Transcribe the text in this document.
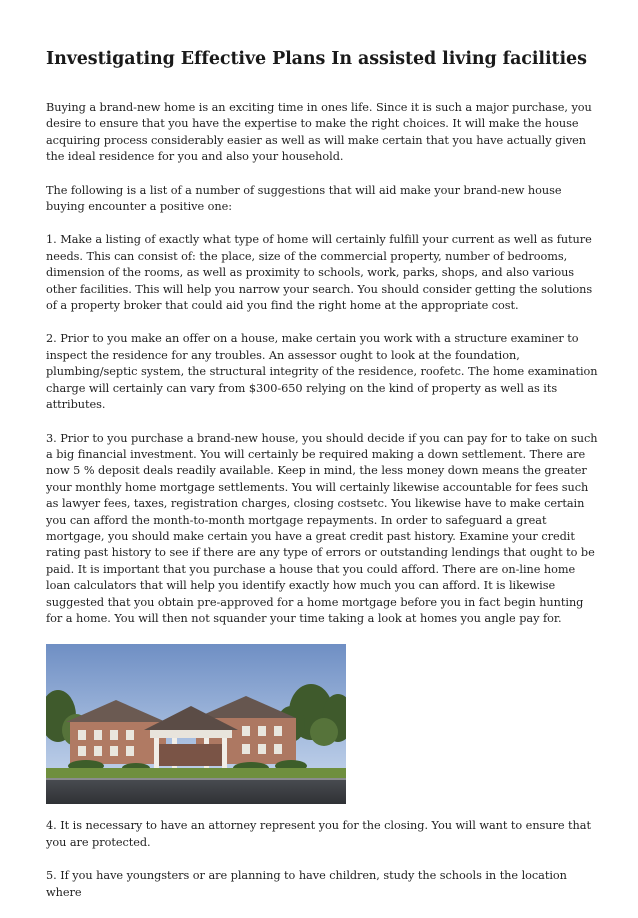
Investigating Effective Plans In assisted living facilities

Buying a brand-new home is an exciting time in ones life. Since it is such a major purchase, you desire to ensure that you have the expertise to make the right choices. It will make the house acquiring process considerably easier as well as will make certain that you have actually given the ideal residence for you and also your household.

The following is a list of a number of suggestions that will aid make your brand-new house buying encounter a positive one:

1. Make a listing of exactly what type of home will certainly fulfill your current as well as future needs. This can consist of: the place, size of the commercial property, number of bedrooms, dimension of the rooms, as well as proximity to schools, work, parks, shops, and also various other facilities. This will help you narrow your search. You should consider getting the solutions of a property broker that could aid you find the right home at the appropriate cost.

2. Prior to you make an offer on a house, make certain you work with a structure examiner to inspect the residence for any troubles. An assessor ought to look at the foundation, plumbing/septic system, the structural integrity of the residence, roofetc. The home examination charge will certainly can vary from $300-650 relying on the kind of property as well as its attributes.

3. Prior to you purchase a brand-new house, you should decide if you can pay for to take on such a big financial investment. You will certainly be required making a down settlement. There are now 5 % deposit deals readily available. Keep in mind, the less money down means the greater your monthly home mortgage settlements. You will certainly likewise accountable for fees such as lawyer fees, taxes, registration charges, closing costsetc. You likewise have to make certain you can afford the month-to-month mortgage repayments. In order to safeguard a great mortgage, you should make certain you have a great credit past history. Examine your credit rating past history to see if there are any type of errors or outstanding lendings that ought to be paid. It is important that you purchase a house that you could afford. There are on-line home loan calculators that will help you identify exactly how much you can afford. It is likewise suggested that you obtain pre-approved for a home mortgage before you in fact begin hunting for a home. You will then not squander your time taking a look at homes you angle pay for.

4. It is necessary to have an attorney represent you for the closing. You will want to ensure that you are protected.

5. If you have youngsters or are planning to have children, study the schools in the location where
